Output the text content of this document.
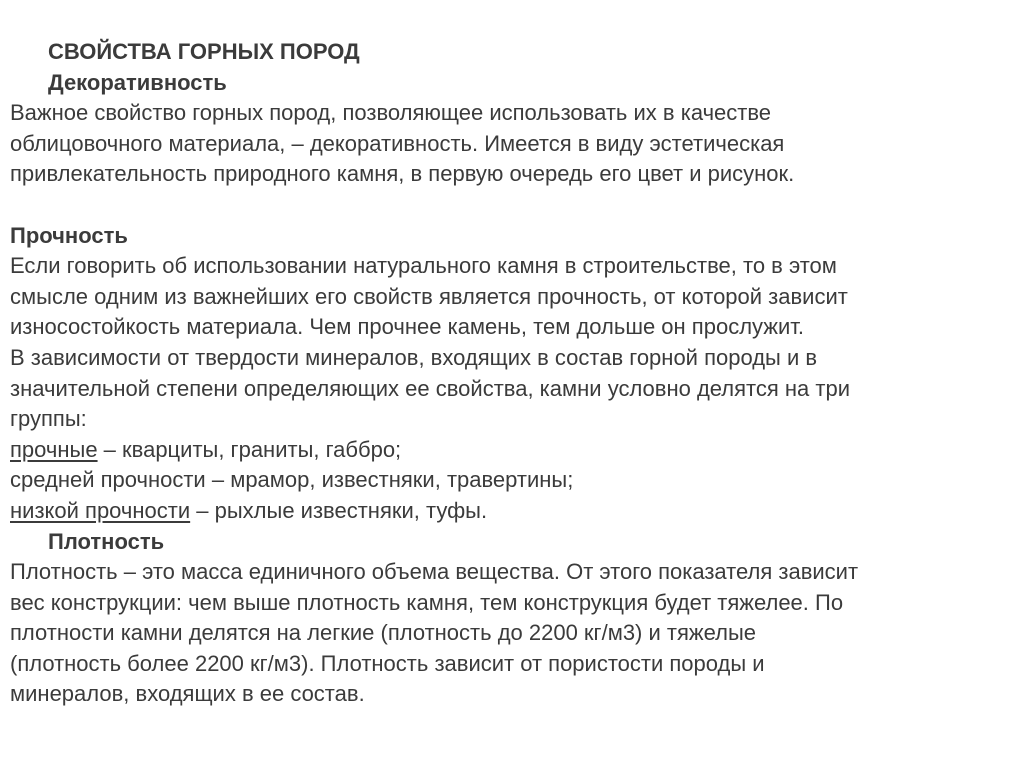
СВОЙСТВА ГОРНЫХ ПОРОД
Декоративность
Важное свойство горных пород, позволяющее использовать их в качестве
облицовочного материала, – декоративность. Имеется в виду эстетическая
привлекательность природного камня, в первую очередь его цвет и рисунок.
Прочность
Если говорить об использовании натурального камня в строительстве, то в этом
смысле одним из важнейших его свойств является прочность, от которой зависит
износостойкость материала. Чем прочнее камень, тем дольше он прослужит.
В зависимости от твердости минералов, входящих в состав горной породы и в
значительной степени определяющих ее свойства, камни условно делятся на три
группы:
прочные – кварциты, граниты, габбро;
средней прочности – мрамор, известняки, травертины;
низкой прочности – рыхлые известняки, туфы.
Плотность
Плотность – это масса единичного объема вещества. От этого показателя зависит
вес конструкции: чем выше плотность камня, тем конструкция будет тяжелее. По
плотности камни делятся на легкие (плотность до 2200 кг/м3) и тяжелые
(плотность более 2200 кг/м3). Плотность зависит от пористости породы и
минералов, входящих в ее состав.
